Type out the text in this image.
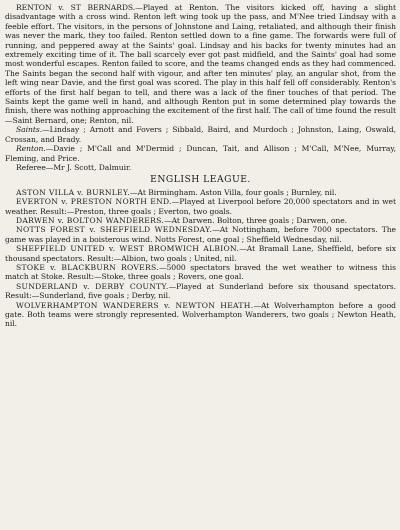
RENTON v. ST BERNARDS.—Played at Renton. The visitors kicked off, having a slight disadvantage with a cross wind. Renton left wing took up the pass, and M'Nee tried Lindsay with a feeble effort. The visitors, in the persons of Johnstone and Laing, retaliated, and although their finish was never the mark, they too failed. Renton settled down to a fine game. The forwards were full of running, and peppered away at the Saints' goal. Lindsay and his backs for twenty minutes had an extremely exciting time of it. The ball scarcely ever got past midfield, and the Saints' goal had some most wonderful escapes. Renton failed to score, and the teams changed ends as they had commenced. The Saints began the second half with vigour, and after ten minutes' play, an angular shot, from the left wing near Davie, and the first goal was scored. The play in this half fell off considerably. Renton's efforts of the first half began to tell, and there was a lack of the finer touches of that period. The Saints kept the game well in hand, and although Renton put in some determined play towards the finish, there was nothing approaching the excitement of the first half. The call of time found the result—Saint Bernard, one; Renton, nil.

Saints.—Lindsay ; Arnott and Fovers ; Sibbald, Baird, and Murdoch ; Johnston, Laing, Oswald, Crossan, and Brady.

Renton.—Davie ; M'Call and M'Dermid ; Duncan, Tait, and Allison ; M'Call, M'Nee, Murray, Fleming, and Price.

Referee—Mr J. Scott, Dalmuir.

ENGLISH LEAGUE.

ASTON VILLA v. BURNLEY.—At Birmingham. Aston Villa, four goals ; Burnley, nil.

EVERTON v. PRESTON NORTH END.—Played at Liverpool before 20,000 spectators and in wet weather. Result:—Preston, three goals ; Everton, two goals.

DARWEN v. BOLTON WANDERERS.—At Darwen. Bolton, three goals ; Darwen, one.

NOTTS FOREST v. SHEFFIELD WEDNESDAY.—At Nottingham, before 7000 spectators. The game was played in a boisterous wind. Notts Forest, one goal ; Sheffield Wednesday, nil.

SHEFFIELD UNITED v. WEST BROMWICH ALBION.—At Bramall Lane, Sheffield, before six thousand spectators. Result:—Albion, two goals ; United, nil.

STOKE v. BLACKBURN ROVERS.—5000 spectators braved the wet weather to witness this match at Stoke. Result:—Stoke, three goals ; Rovers, one goal.

SUNDERLAND v. DERBY COUNTY.—Played at Sunderland before six thousand spectators. Result:—Sunderland, five goals ; Derby, nil.

WOLVERHAMPTON WANDERERS v. NEWTON HEATH.—At Wolverhampton before a good gate. Both teams were strongly represented. Wolverhampton Wanderers, two goals ; Newton Heath, nil.
